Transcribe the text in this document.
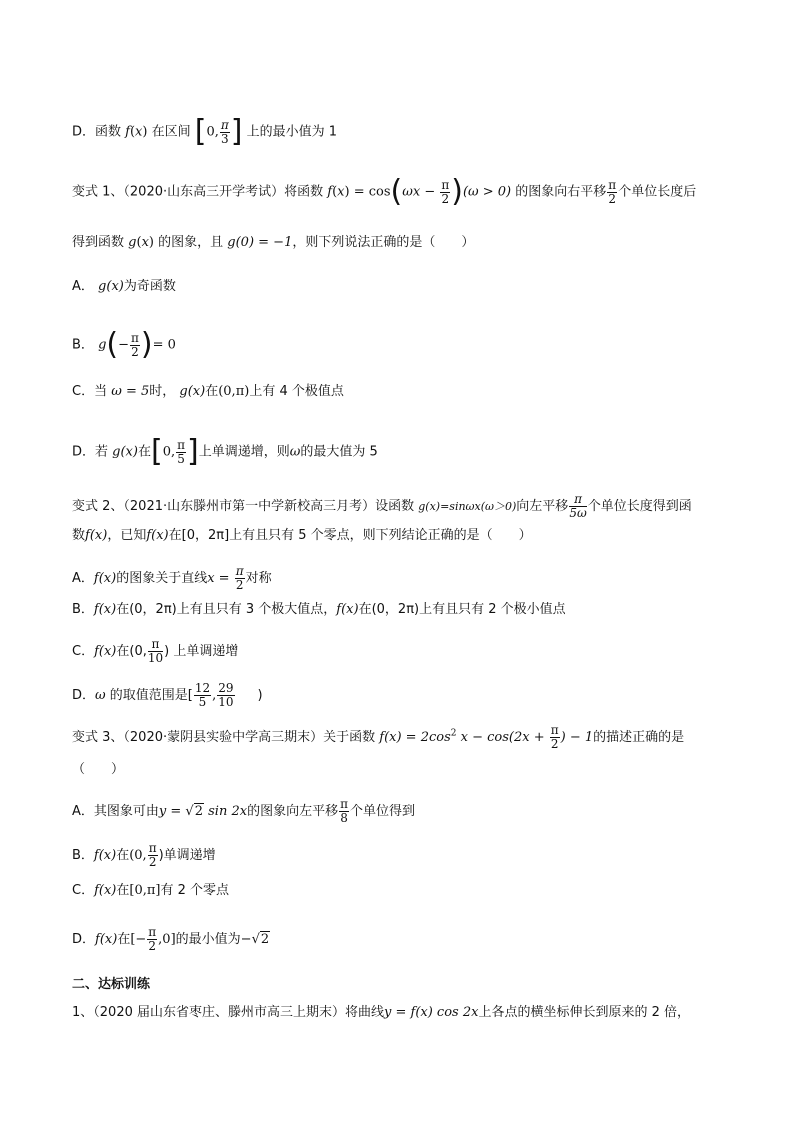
D．函数 f(x) 在区间 [0, $\frac{\pi}{3}$ ] 上的最小值为 1
变式 1、（2020·山东高三开学考试）将函数 $f(x) = \cos(\omega x - \frac{\pi}{2} )(\omega > 0)$ 的图象向右平移 $\frac{\pi}{2}$ 个单位长度后
得到函数 g(x) 的图象，且 g(0) = −1，则下列说法正确的是（　　）
A． g(x)为奇函数
B． $g(- \frac{\pi}{2}$ )= 0
C．当 ω = 5时， g(x)在(0,π)上有 4 个极值点
D．若 g(x)在[0, $\frac{\pi}{5}$ ]上单调递增，则ω的最大值为 5
变式 2、（2021·山东滕州市第一中学新校高三月考）设函数 g(x)=sinωx(ω＞0)向左平移 $\frac{\pi}{5\omega}$ 个单位长度得到函
数f(x)，已知f(x)在[0，2π]上有且只有 5 个零点，则下列结论正确的是（　　）
A．f(x)的图象关于直线$x = \frac{\pi}{2}$ 对称
B．f(x)在(0，2π)上有且只有 3 个极大值点，f(x)在(0，2π)上有且只有 2 个极小值点
C．f(x)在(0, $\frac{\pi}{10}$ ) 上单调递增
D．ω 的取值范围是[ $\frac{12}{5}$ , $\frac{29}{10}$ )
变式 3、（2020·蒙阴县实验中学高三期末）关于函数 $f(x) = 2\cos^2$ $x - \cos(2x + \frac{\pi}{2}$ ) − 1的描述正确的是
（　　）
A．其图象可由y = √2 sin 2x的图象向左平移 $\frac{\pi}{8}$ 个单位得到
B．f(x)在(0, $\frac{\pi}{2}$ )单调递增
C．f(x)在[0,π]有 2 个零点
D．f(x)在[− $\frac{\pi}{2} ,0$]的最小值为−√2
二、达标训练
1、（2020 届山东省枣庄、滕州市高三上期末）将曲线y = f(x) cos 2x上各点的横坐标伸长到原来的 2 倍，
